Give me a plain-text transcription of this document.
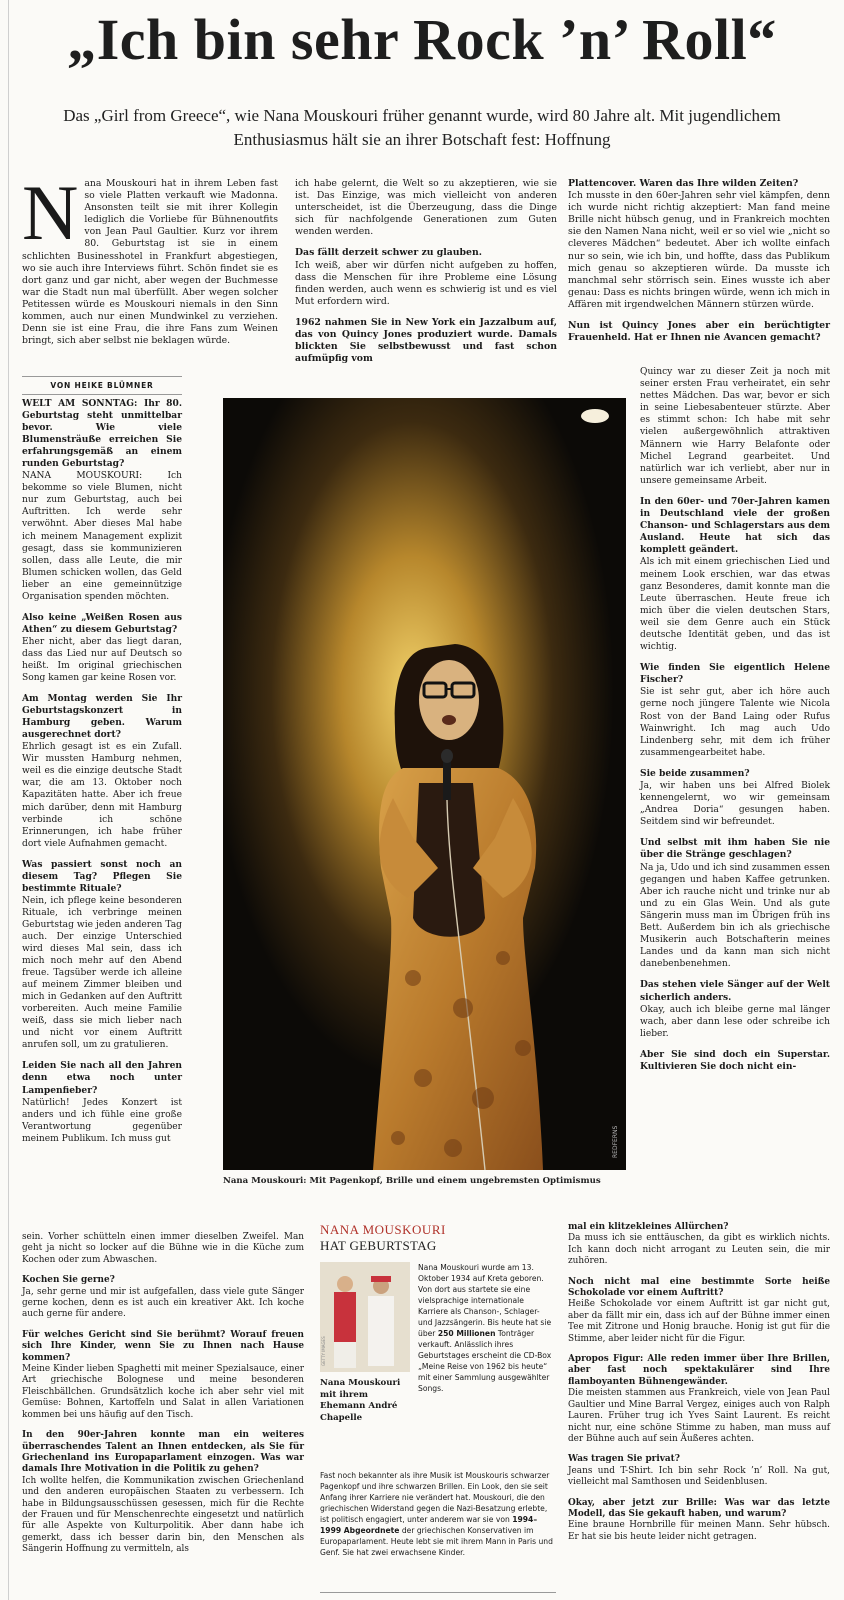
„Ich bin sehr Rock ’n’ Roll“
Das „Girl from Greece“, wie Nana Mouskouri früher genannt wurde, wird 80 Jahre alt. Mit jugendlichem Enthusiasmus hält sie an ihrer Botschaft fest: Hoffnung
N ana Mouskouri hat in ihrem Leben fast so viele Platten verkauft wie Madonna. Ansonsten teilt sie mit ihrer Kollegin lediglich die Vorliebe für Bühnenoutfits von Jean Paul Gaultier. Kurz vor ihrem 80. Geburtstag ist sie in einem schlichten Businesshotel in Frankfurt abgestiegen, wo sie auch ihre Interviews führt. Schön findet sie es dort ganz und gar nicht, aber wegen der Buchmesse war die Stadt nun mal überfüllt. Aber wegen solcher Petitessen würde es Mouskouri niemals in den Sinn kommen, auch nur einen Mundwinkel zu verziehen. Denn sie ist eine Frau, die ihre Fans zum Weinen bringt, sich aber selbst nie beklagen würde.
VON HEIKE BLÜMNER

WELT AM SONNTAG: Ihr 80. Geburtstag steht unmittelbar bevor. Wie viele Blumensträuße erreichen Sie erfahrungsgemäß an einem runden Geburtstag?

NANA MOUSKOURI: Ich bekomme so viele Blumen, nicht nur zum Geburtstag, auch bei Auftritten. Ich werde sehr verwöhnt. Aber dieses Mal habe ich meinem Management explizit gesagt, dass sie kommunizieren sollen, dass alle Leute, die mir Blumen schicken wollen, das Geld lieber an eine gemeinnützige Organisation spenden möchten.

Also keine „Weißen Rosen aus Athen“ zu diesem Geburtstag?

Eher nicht, aber das liegt daran, dass das Lied nur auf Deutsch so heißt. Im original griechischen Song kamen gar keine Rosen vor.

Am Montag werden Sie Ihr Geburtstagskonzert in Hamburg geben. Warum ausgerechnet dort?

Ehrlich gesagt ist es ein Zufall. Wir mussten Hamburg nehmen, weil es die einzige deutsche Stadt war, die am 13. Oktober noch Kapazitäten hatte. Aber ich freue mich darüber, denn mit Hamburg verbinde ich schöne Erinnerungen, ich habe früher dort viele Aufnahmen gemacht.

Was passiert sonst noch an diesem Tag? Pflegen Sie bestimmte Rituale?

Nein, ich pflege keine besonderen Rituale, ich verbringe meinen Geburtstag wie jeden anderen Tag auch. Der einzige Unterschied wird dieses Mal sein, dass ich mich noch mehr auf den Abend freue. Tagsüber werde ich alleine auf meinem Zimmer bleiben und mich in Gedanken auf den Auftritt vorbereiten. Auch meine Familie weiß, dass sie mich lieber nach und nicht vor einem Auftritt anrufen soll, um zu gratulieren.

Leiden Sie nach all den Jahren denn etwa noch unter Lampenfieber?

Natürlich! Jedes Konzert ist anders und ich fühle eine große Verantwortung gegenüber meinem Publikum. Ich muss gut

sein. Vorher schütteln einen immer dieselben Zweifel. Man geht ja nicht so locker auf die Bühne wie in die Küche zum Kochen oder zum Abwaschen.

Kochen Sie gerne?

Ja, sehr gerne und mir ist aufgefallen, dass viele gute Sänger gerne kochen, denn es ist auch ein kreativer Akt. Ich koche auch gerne für andere.

Für welches Gericht sind Sie berühmt? Worauf freuen sich Ihre Kinder, wenn Sie zu Ihnen nach Hause kommen?

Meine Kinder lieben Spaghetti mit meiner Spezialsauce, einer Art griechische Bolognese und meine besonderen Fleischbällchen. Grundsätzlich koche ich aber sehr viel mit Gemüse: Bohnen, Kartoffeln und Salat in allen Variationen kommen bei uns häufig auf den Tisch.

In den 90er-Jahren konnte man ein weiteres überraschendes Talent an Ihnen entdecken, als Sie für Griechenland ins Europaparlament einzogen. Was war damals Ihre Motivation in die Politik zu gehen?

Ich wollte helfen, die Kommunikation zwischen Griechenland und den anderen europäischen Staaten zu verbessern. Ich habe in Bildungsausschüssen gesessen, mich für die Rechte der Frauen und für Menschenrechte eingesetzt und natürlich für alle Aspekte von Kulturpolitik. Aber dann habe ich gemerkt, dass ich besser darin bin, den Menschen als Sängerin Hoffnung zu vermitteln, als

ich habe gelernt, die Welt so zu akzeptieren, wie sie ist. Das Einzige, was mich vielleicht von anderen unterscheidet, ist die Überzeugung, dass die Dinge sich für nachfolgende Generationen zum Guten wenden werden.

Das fällt derzeit schwer zu glauben.

Ich weiß, aber wir dürfen nicht aufgeben zu hoffen, dass die Menschen für ihre Probleme eine Lösung finden werden, auch wenn es schwierig ist und es viel Mut erfordern wird.

1962 nahmen Sie in New York ein Jazzalbum auf, das von Quincy Jones produziert wurde. Damals blickten Sie selbstbewusst und fast schon aufmüpfig vom

Plattencover. Waren das Ihre wilden Zeiten?

Ich musste in den 60er-Jahren sehr viel kämpfen, denn ich wurde nicht richtig akzeptiert: Man fand meine Brille nicht hübsch genug, und in Frankreich mochten sie den Namen Nana nicht, weil er so viel wie „nicht so cleveres Mädchen“ bedeutet. Aber ich wollte einfach nur so sein, wie ich bin, und hoffte, dass das Publikum mich genau so akzeptieren würde. Da musste ich manchmal sehr störrisch sein. Eines wusste ich aber genau: Dass es nichts bringen würde, wenn ich mich in Affären mit irgendwelchen Männern stürzen würde.

Nun ist Quincy Jones aber ein berüchtigter Frauenheld. Hat er Ihnen nie Avancen gemacht?

Quincy war zu dieser Zeit ja noch mit seiner ersten Frau verheiratet, ein sehr nettes Mädchen. Das war, bevor er sich in seine Liebesabenteuer stürzte. Aber es stimmt schon: Ich habe mit sehr vielen außergewöhnlich attraktiven Männern wie Harry Belafonte oder Michel Legrand gearbeitet. Und natürlich war ich verliebt, aber nur in unsere gemeinsame Arbeit.

In den 60er- und 70er-Jahren kamen in Deutschland viele der großen Chanson- und Schlagerstars aus dem Ausland. Heute hat sich das komplett geändert.

Als ich mit einem griechischen Lied und meinem Look erschien, war das etwas ganz Besonderes, damit konnte man die Leute überraschen. Heute freue ich mich über die vielen deutschen Stars, weil sie dem Genre auch ein Stück deutsche Identität geben, und das ist wichtig.

Wie finden Sie eigentlich Helene Fischer?

Sie ist sehr gut, aber ich höre auch gerne noch jüngere Talente wie Nicola Rost von der Band Laing oder Rufus Wainwright. Ich mag auch Udo Lindenberg sehr, mit dem ich früher zusammengearbeitet habe.

Sie beide zusammen?

Ja, wir haben uns bei Alfred Biolek kennengelernt, wo wir gemeinsam „Andrea Doria“ gesungen haben. Seitdem sind wir befreundet.

Und selbst mit ihm haben Sie nie über die Stränge geschlagen?

Na ja, Udo und ich sind zusammen essen gegangen und haben Kaffee getrunken. Aber ich rauche nicht und trinke nur ab und zu ein Glas Wein. Und als gute Sängerin muss man im Übrigen früh ins Bett. Außerdem bin ich als griechische Musikerin auch Botschafterin meines Landes und da kann man sich nicht danebenbenehmen.

Das stehen viele Sänger auf der Welt sicherlich anders.

Okay, auch ich bleibe gerne mal länger wach, aber dann lese oder schreibe ich lieber.

Aber Sie sind doch ein Superstar. Kultivieren Sie doch nicht ein-

mal ein klitzekleines Allürchen?

Da muss ich sie enttäuschen, da gibt es wirklich nichts. Ich kann doch nicht arrogant zu Leuten sein, die mir zuhören.

Noch nicht mal eine bestimmte Sorte heiße Schokolade vor einem Auftritt?

Heiße Schokolade vor einem Auftritt ist gar nicht gut, aber da fällt mir ein, dass ich auf der Bühne immer einen Tee mit Zitrone und Honig brauche. Honig ist gut für die Stimme, aber leider nicht für die Figur.

Apropos Figur: Alle reden immer über Ihre Brillen, aber fast noch spektakulärer sind Ihre flamboyanten Bühnengewänder.

Die meisten stammen aus Frankreich, viele von Jean Paul Gaultier und Mine Barral Vergez, einiges auch von Ralph Lauren. Früher trug ich Yves Saint Laurent. Es reicht nicht nur, eine schöne Stimme zu haben, man muss auf der Bühne auch auf sein Äußeres achten.

Was tragen Sie privat?

Jeans und T-Shirt. Ich bin sehr Rock ’n’ Roll. Na gut, vielleicht mal Samthosen und Seidenblusen.

Okay, aber jetzt zur Brille: Was war das letzte Modell, das Sie gekauft haben, und warum?

Eine braune Hornbrille für meinen Mann. Sehr hübsch. Er hat sie bis heute leider nicht getragen.

REDFERNS
Nana Mouskouri: Mit Pagenkopf, Brille und einem ungebremsten Optimismus
NANA MOUSKOURI
HAT GEBURTSTAG
GETTY IMAGES
Nana Mouskouri mit ihrem Ehemann André Chapelle
Nana Mouskouri wurde am 13. Oktober 1934 auf Kreta geboren. Von dort aus startete sie eine vielsprachige internationale Karriere als Chanson-, Schlager- und Jazzsängerin. Bis heute hat sie über 250 Millionen Tonträger verkauft. Anlässlich ihres Geburtstages erscheint die CD-Box „Meine Reise von 1962 bis heute“ mit einer Sammlung ausgewählter Songs.
Fast noch bekannter als ihre Musik ist Mouskouris schwarzer Pagenkopf und ihre schwarzen Brillen. Ein Look, den sie seit Anfang ihrer Karriere nie verändert hat. Mouskouri, die den griechischen Widerstand gegen die Nazi-Besatzung erlebte, ist politisch engagiert, unter anderem war sie von 1994–1999 Abgeordnete der griechischen Konservativen im Europaparlament. Heute lebt sie mit ihrem Mann in Paris und Genf. Sie hat zwei erwachsene Kinder.
